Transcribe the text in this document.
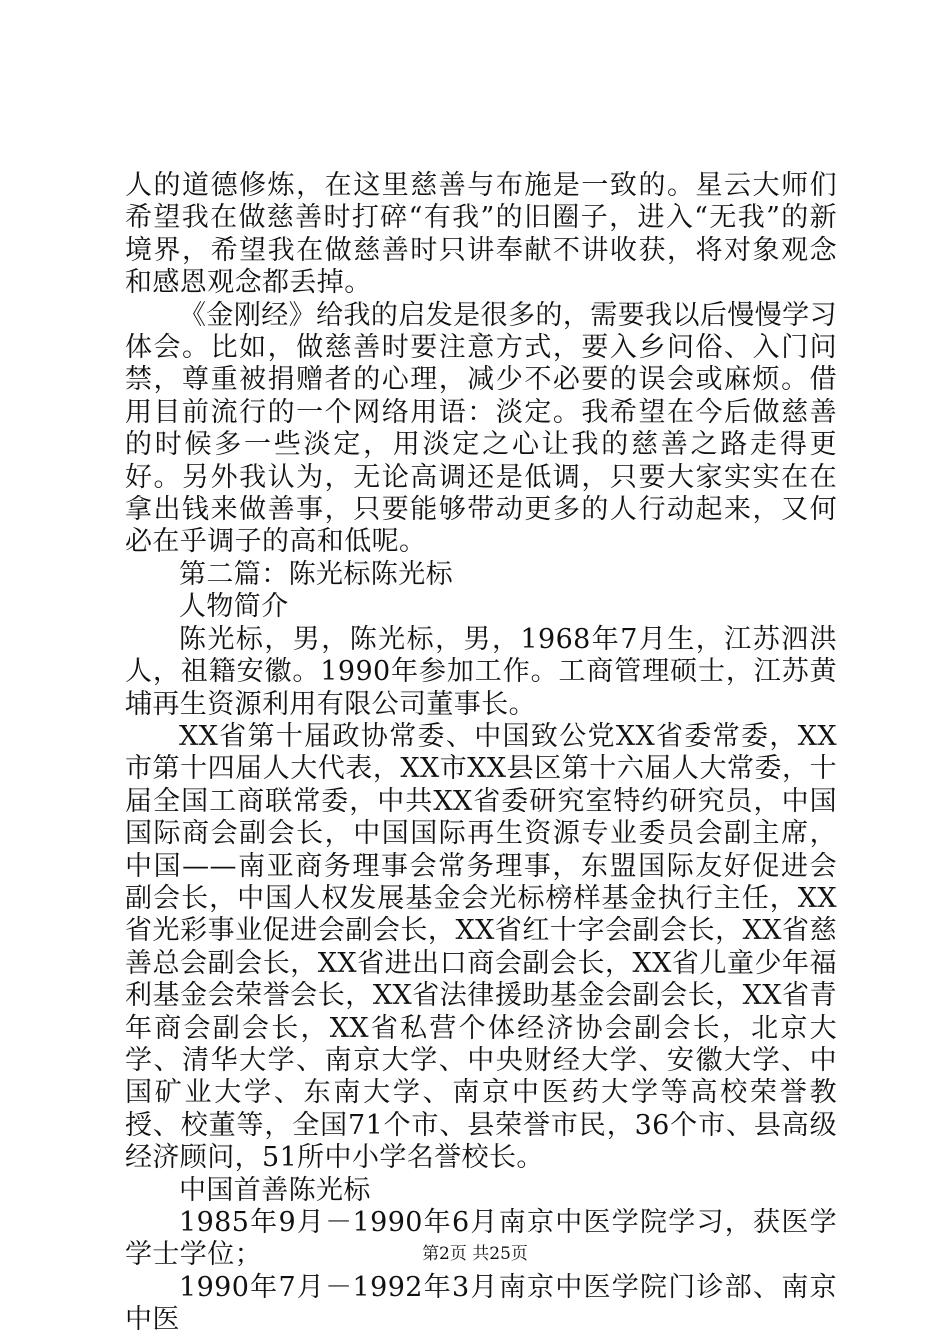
人的道德修炼，在这里慈善与布施是一致的。星云大师们希望我在做慈善时打碎“有我”的旧圈子，进入“无我”的新境界，希望我在做慈善时只讲奉献不讲收获，将对象观念和感恩观念都丢掉。

《金刚经》给我的启发是很多的，需要我以后慢慢学习体会。比如，做慈善时要注意方式，要入乡问俗、入门问禁，尊重被捐赠者的心理，减少不必要的误会或麻烦。借用目前流行的一个网络用语：淡定。我希望在今后做慈善的时候多一些淡定，用淡定之心让我的慈善之路走得更好。另外我认为，无论高调还是低调，只要大家实实在在拿出钱来做善事，只要能够带动更多的人行动起来，又何必在乎调子的高和低呢。

第二篇：陈光标陈光标

人物简介

陈光标，男，陈光标，男，1968年7月生，江苏泗洪人，祖籍安徽。1990年参加工作。工商管理硕士，江苏黄埔再生资源利用有限公司董事长。

XX省第十届政协常委、中国致公党XX省委常委，XX市第十四届人大代表，XX市XX县区第十六届人大常委，十届全国工商联常委，中共XX省委研究室特约研究员，中国国际商会副会长，中国国际再生资源专业委员会副主席，中国——南亚商务理事会常务理事，东盟国际友好促进会副会长，中国人权发展基金会光标榜样基金执行主任，XX省光彩事业促进会副会长，XX省红十字会副会长，XX省慈善总会副会长，XX省进出口商会副会长，XX省儿童少年福利基金会荣誉会长，XX省法律援助基金会副会长，XX省青年商会副会长，XX省私营个体经济协会副会长，北京大学、清华大学、南京大学、中央财经大学、安徽大学、中国矿业大学、东南大学、南京中医药大学等高校荣誉教授、校董等，全国71个市、县荣誉市民，36个市、县高级经济顾问，51所中小学名誉校长。

中国首善陈光标

1985年9月－1990年6月南京中医学院学习，获医学学士学位；

1990年7月－1992年3月南京中医学院门诊部、南京中医

第2页 共25页
